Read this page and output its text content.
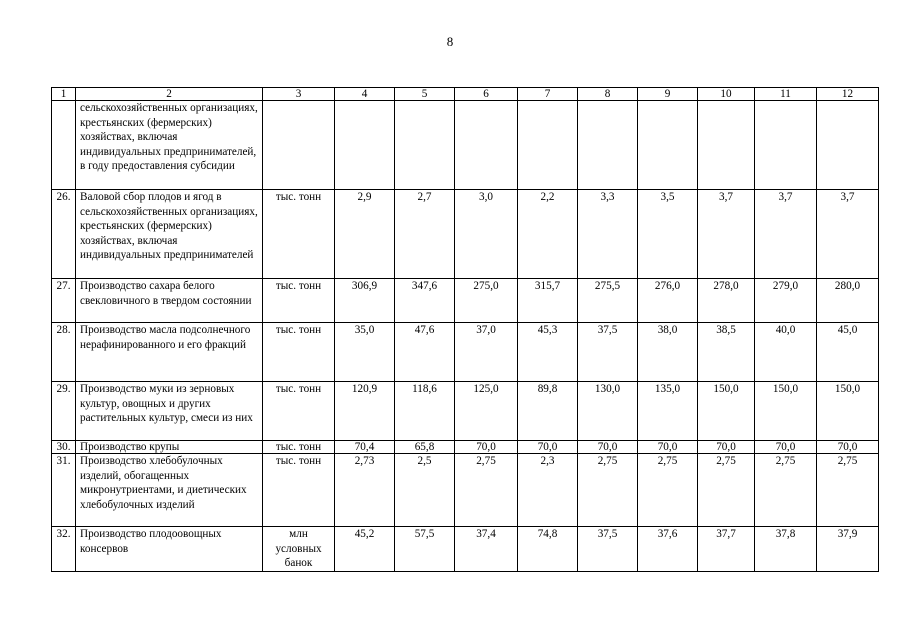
8
1	2	3	4	5	6	7	8	9	10	11	12
	сельскохозяйственных организациях, крестьянских (фермерских) хозяйствах, включая индивидуальных предпринимателей, в году предоставления субсидии										
26.	Валовой сбор плодов и ягод в сельскохозяйственных организациях, крестьянских (фермерских) хозяйствах, включая индивидуальных предпринимателей	тыс. тонн	2,9	2,7	3,0	2,2	3,3	3,5	3,7	3,7	3,7
27.	Производство сахара белого свекловичного в твердом состоянии	тыс. тонн	306,9	347,6	275,0	315,7	275,5	276,0	278,0	279,0	280,0
28.	Производство масла подсолнечного нерафинированного и его фракций	тыс. тонн	35,0	47,6	37,0	45,3	37,5	38,0	38,5	40,0	45,0
29.	Производство муки из зерновых культур, овощных и других растительных культур, смеси из них	тыс. тонн	120,9	118,6	125,0	89,8	130,0	135,0	150,0	150,0	150,0
30.	Производство крупы	тыс. тонн	70,4	65,8	70,0	70,0	70,0	70,0	70,0	70,0	70,0
31.	Производство хлебобулочных изделий, обогащенных микронутриентами, и диетических хлебобулочных изделий	тыс. тонн	2,73	2,5	2,75	2,3	2,75	2,75	2,75	2,75	2,75
32.	Производство плодоовощных консервов	млн условных банок	45,2	57,5	37,4	74,8	37,5	37,6	37,7	37,8	37,9
